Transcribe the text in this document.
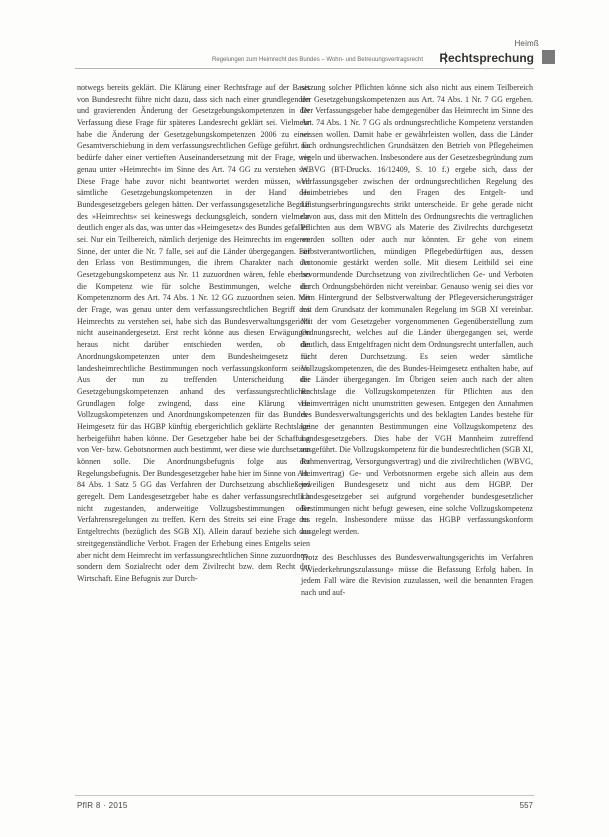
Heimß
Regelungen zum Heimrecht des Bundes – Wohn- und Betreuungsvertragsrecht Rechtsprechung

notwegs bereits geklärt. Die Klärung einer Rechtsfrage auf der Basis von Bundesrecht führe nicht dazu, dass sich nach einer grundlegenden und gravierenden Änderung der Gesetzgebungskompetenzen in der Verfassung diese Frage für späteres Landesrecht geklärt sei. Vielmehr habe die Änderung der Gesetzgebungskompetenzen 2006 zu einer Gesamtverschiebung in dem verfassungsrechtlichen Gefüge geführt. Es bedürfe daher einer vertieften Auseinandersetzung mit der Frage, wie genau unter »Heimrecht« im Sinne des Art. 74 GG zu verstehen sei. Diese Frage habe zuvor nicht beantwortet werden müssen, weil sämtliche Gesetzgebungskompetenzen in der Hand des Bundesgesetzgebers gelegen hätten. Der verfassungsgesetzliche Begriff des »Heimrechts« sei keineswegs deckungsgleich, sondern vielmehr deutlich enger als das, was unter das »Heimgesetz« des Bundes gefallen sei. Nur ein Teilbereich, nämlich derjenige des Heimrechts im engeren Sinne, der unter die Nr. 7 falle, sei auf die Länder übergegangen. Für den Erlass von Bestimmungen, die ihrem Charakter nach der Gesetzgebungskompetenz aus Nr. 11 zuzuordnen wären, fehle ebenso die Kompetenz wie für solche Bestimmungen, welche der Kompetenznorm des Art. 74 Abs. 1 Nr. 12 GG zuzuordnen seien. Mit der Frage, was genau unter dem verfassungsrechtlichen Begriff des Heimrechts zu verstehen sei, habe sich das Bundesverwaltungsgericht nicht auseinandergesetzt. Erst recht könne aus diesen Erwägungen heraus nicht darüber entschieden werden, ob die Anordnungskompetenzen unter dem Bundesheimgesetz für landesheimrechtliche Bestimmungen noch verfassungskonform seien. Aus der nun zu treffenden Unterscheidung der Gesetzgebungskompetenzen anhand des verfassungsrechtlichen Grundlagen folge zwingend, dass eine Klärung von Vollzugskompetenzen und Anordnungskompetenzen für das Bundes-Heimgesetz für das HGBP künftig ebergerichtlich geklärte Rechtslage herbeigeführt haben könne. Der Gesetzgeber habe bei der Schaffung von Ver- bzw. Gebotsnormen auch bestimmt, wer diese wie durchsetzen können solle. Die Anordnungsbefugnis folge aus der Regelungsbefugnis. Der Bundesgesetzgeber habe hier im Sinne von Art. 84 Abs. 1 Satz 5 GG das Verfahren der Durchsetzung abschließend geregelt. Dem Landesgesetzgeber habe es daher verfassungsrechtlich nicht zugestanden, anderweitige Vollzugsbestimmungen oder Verfahrensregelungen zu treffen. Kern des Streits sei eine Frage des Entgeltrechts (bezüglich des SGB XI). Allein darauf beziehe sich das streitgegenständliche Verbot. Fragen der Erhebung eines Entgelts seien aber nicht dem Heimrecht im verfassungsrechtlichen Sinne zuzuordnen, sondern dem Sozialrecht oder dem Zivilrecht bzw. dem Recht der Wirtschaft. Eine Befugnis zur Durch-

setzung solcher Pflichten könne sich also nicht aus einem Teilbereich der Gesetzgebungskompetenzen aus Art. 74 Abs. 1 Nr. 7 GG ergeben. Der Verfassungsgeber habe demgegenüber das Heimrecht im Sinne des Art. 74 Abs. 1 Nr. 7 GG als ordnungsrechtliche Kompetenz verstanden wissen wollen. Damit habe er gewährleisten wollen, dass die Länder nach ordnungsrechtlichen Grundsätzen den Betrieb von Pflegeheimen regeln und überwachen. Insbesondere aus der Gesetzesbegründung zum WBVG (BT-Drucks. 16/12409, S. 10 f.) ergebe sich, dass der Verfassungsgeber zwischen der ordnungsrechtlichen Regelung des Heimbetriebes und den Fragen des Entgelt- und Leistungserbringungsrechts strikt unterscheide. Er gehe gerade nicht davon aus, dass mit den Mitteln des Ordnungsrechts die vertraglichen Pflichten aus dem WBVG als Materie des Zivilrechts durchgesetzt werden sollten oder auch nur könnten. Er gehe von einem selbstverantwortlichen, mündigen Pflegebedürftigen aus, dessen Autonomie gestärkt werden solle. Mit diesem Leitbild sei eine bevormundende Durchsetzung von zivilrechtlichen Ge- und Verboten durch Ordnungsbehörden nicht vereinbar. Genauso wenig sei dies vor dem Hintergrund der Selbstverwaltung der Pflegeversicherungsträger mit dem Grundsatz der kommunalen Regelung im SGB XI vereinbar. Mit der vom Gesetzgeber vorgenommenen Gegenüberstellung zum Ordnungsrecht, welches auf die Länder übergegangen sei, werde deutlich, dass Entgeltfragen nicht dem Ordnungsrecht unterfallen, auch nicht deren Durchsetzung. Es seien weder sämtliche Vollzugskompetenzen, die des Bundes-Heimgesetz enthalten habe, auf die Länder übergegangen. Im Übrigen seien auch nach der alten Rechtslage die Vollzugskompetenzen für Pflichten aus den Heimverträgen nicht unumstritten gewesen. Entgegen den Annahmen des Bundesverwaltungsgerichts und des beklagten Landes bestehe für keine der genannten Bestimmungen eine Vollzugskompetenz des Landesgesetzgebers. Dies habe der VGH Mannheim zutreffend ausgeführt. Die Vollzugskompetenz für die bundesrechtlichen (SGB XI, Rahmenvertrag, Versorgungsvertrag) und die zivilrechtlichen (WBVG, Heimvertrag) Ge- und Verbotsnormen ergebe sich allein aus dem jeweiligen Bundesgesetz und nicht aus dem HGBP. Der Landesgesetzgeber sei aufgrund vorgehender bundesgesetzlicher Bestimmungen nicht befugt gewesen, eine solche Vollzugskompetenz zu regeln. Insbesondere müsse das HGBP verfassungskonform ausgelegt werden.

Trotz des Beschlusses des Bundesverwaltungsgerichts im Verfahren »Wiederkehrungszulassung« müsse die Befassung Erfolg haben. In jedem Fall wäre die Revision zuzulassen, weil die benannten Fragen nach und auf-

PflR 8 · 2015	557
